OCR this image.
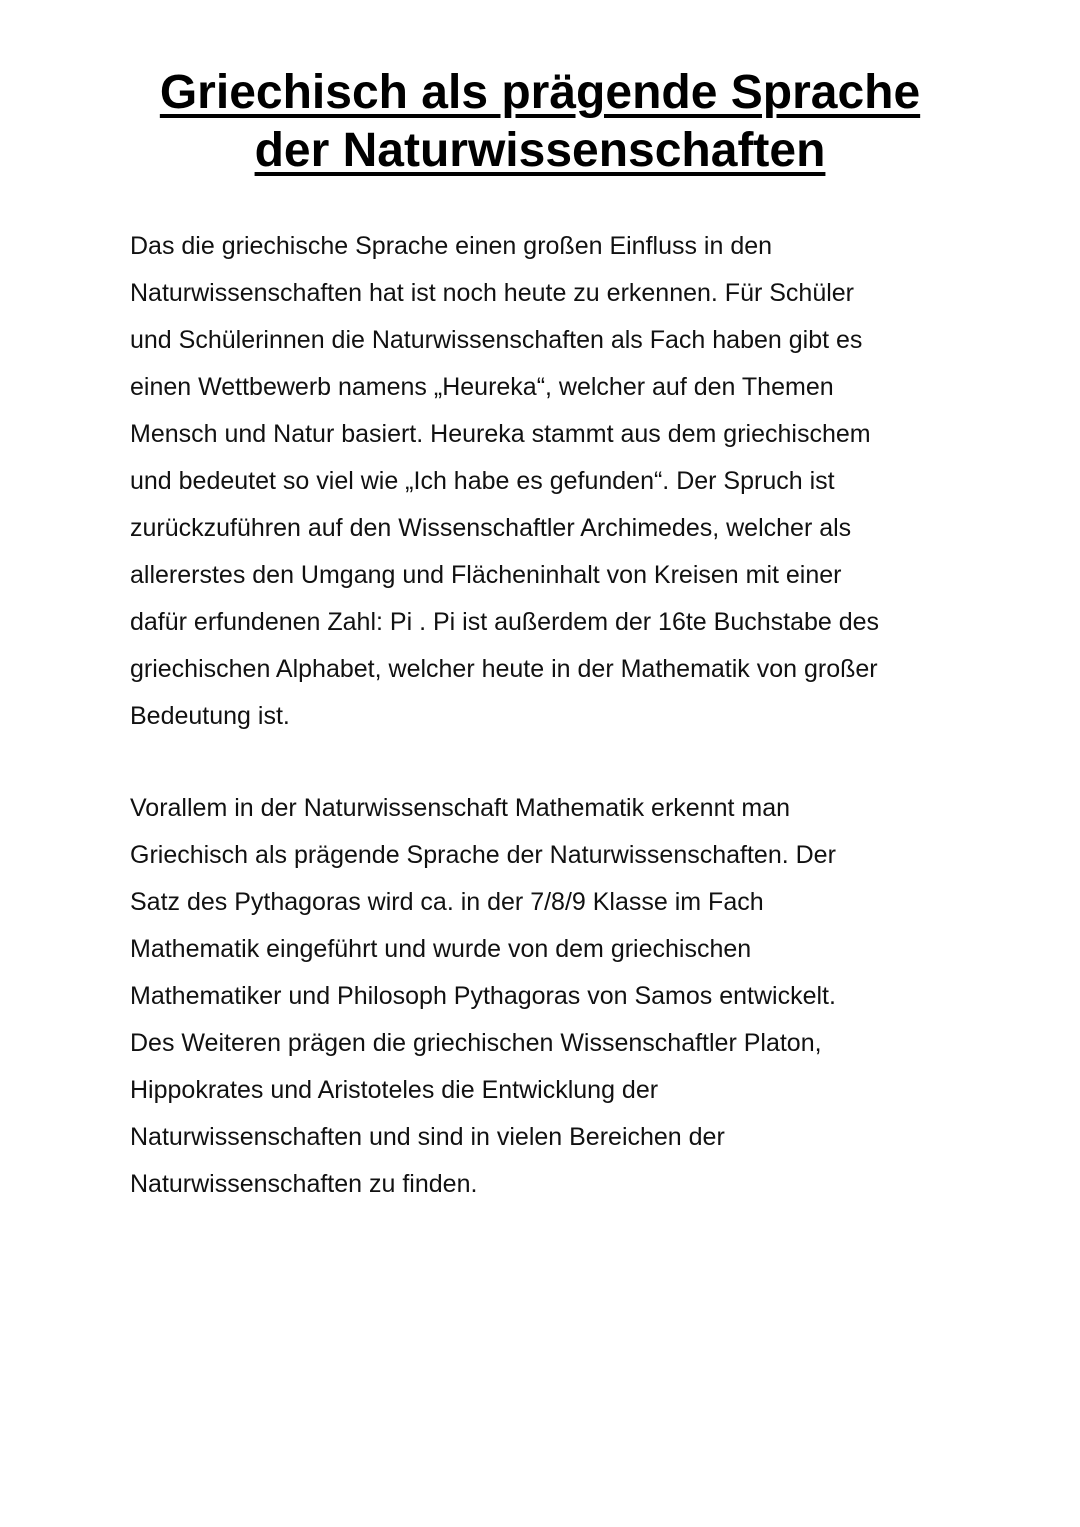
Griechisch als prägende Sprache
der Naturwissenschaften
Das die griechische Sprache einen großen Einfluss in den
Naturwissenschaften hat ist noch heute zu erkennen. Für Schüler
und Schülerinnen die Naturwissenschaften als Fach haben gibt es
einen Wettbewerb namens „Heureka“, welcher auf den Themen
Mensch und Natur basiert. Heureka stammt aus dem griechischem
und bedeutet so viel wie „Ich habe es gefunden“. Der Spruch ist
zurückzuführen auf den Wissenschaftler Archimedes, welcher als
allererstes den Umgang und Flächeninhalt von Kreisen mit einer
dafür erfundenen Zahl: Pi . Pi ist außerdem der 16te Buchstabe des
griechischen Alphabet, welcher heute in der Mathematik von großer
Bedeutung ist.
Vorallem in der Naturwissenschaft Mathematik erkennt man
Griechisch als prägende Sprache der Naturwissenschaften. Der
Satz des Pythagoras wird ca. in der 7/8/9 Klasse im Fach
Mathematik eingeführt und wurde von dem griechischen
Mathematiker und Philosoph Pythagoras von Samos entwickelt.
Des Weiteren prägen die griechischen Wissenschaftler Platon,
Hippokrates und Aristoteles die Entwicklung der
Naturwissenschaften und sind in vielen Bereichen der
Naturwissenschaften zu finden.
